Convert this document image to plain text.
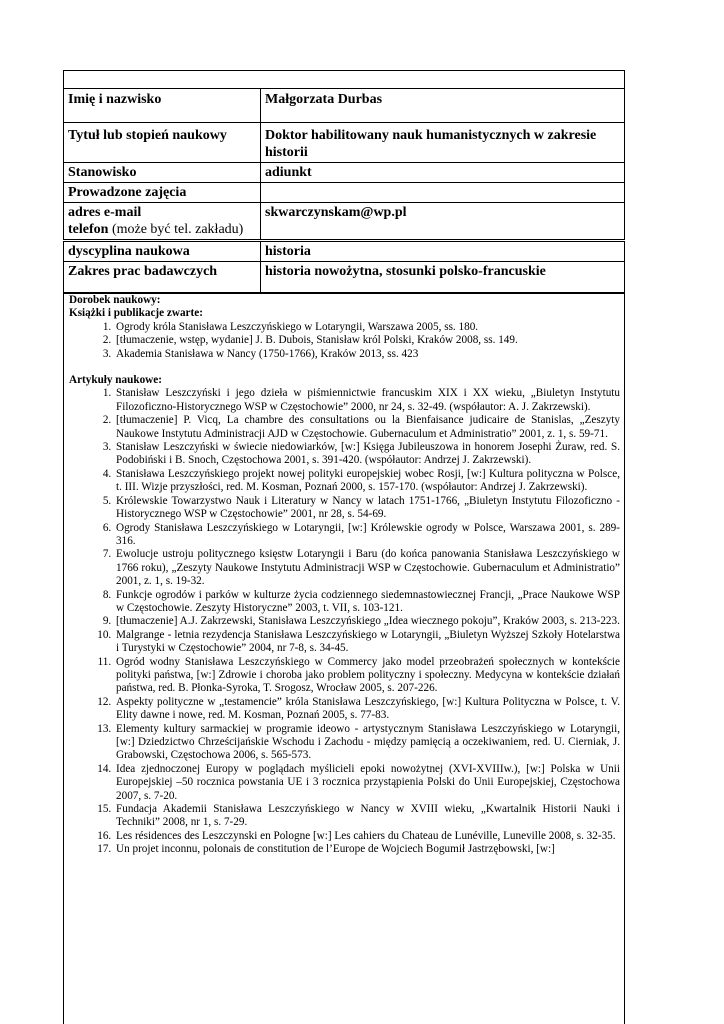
Imię i nazwisko	Małgorzata Durbas
Tytuł lub stopień naukowy	Doktor habilitowany nauk humanistycznych w zakresie historii
Stanowisko	adiunkt
Prowadzone zajęcia	

adres e-mail
telefon (może być tel. zakładu)	skwarczynskam@wp.pl
dyscyplina naukowa	historia
Zakres prac badawczych	historia nowożytna, stosunki polsko-francuskie
Dorobek naukowy:
Książki i publikacje zwarte:
1. Ogrody króla Stanisława Leszczyńskiego w Lotaryngii, Warszawa 2005, ss. 180.
2. [tłumaczenie, wstęp, wydanie] J. B. Dubois, Stanisław król Polski, Kraków 2008, ss. 149.
3. Akademia Stanisława w Nancy (1750-1766), Kraków 2013, ss. 423
Artykuły naukowe:
1. Stanisław Leszczyński i jego dzieła w piśmiennictwie francuskim XIX i XX wieku, „Biuletyn Instytutu Filozoficzno-Historycznego WSP w Częstochowie” 2000, nr 24, s. 32-49. (współautor: A. J. Zakrzewski).
2. [tłumaczenie] P. Vicq, La chambre des consultations ou la Bienfaisance judicaire de Stanislas, „Zeszyty Naukowe Instytutu Administracji AJD w Częstochowie. Gubernaculum et Administratio” 2001, z. 1, s. 59-71.
3. Stanisław Leszczyński w świecie niedowiarków, [w:] Księga Jubileuszowa in honorem Josephi Żuraw, red. S. Podobiński i B. Snoch, Częstochowa 2001, s. 391-420. (współautor: Andrzej J. Zakrzewski).
4. Stanisława Leszczyńskiego projekt nowej polityki europejskiej wobec Rosji, [w:] Kultura polityczna w Polsce, t. III. Wizje przyszłości, red. M. Kosman, Poznań 2000, s. 157-170. (współautor: Andrzej J. Zakrzewski).
5. Królewskie Towarzystwo Nauk i Literatury w Nancy w latach 1751-1766, „Biuletyn Instytutu Filozoficzno -Historycznego WSP w Częstochowie” 2001, nr 28, s. 54-69.
6. Ogrody Stanisława Leszczyńskiego w Lotaryngii, [w:] Królewskie ogrody w Polsce, Warszawa 2001, s. 289-316.
7. Ewolucje ustroju politycznego księstw Lotaryngii i Baru (do końca panowania Stanisława Leszczyńskiego w 1766 roku), „Zeszyty Naukowe Instytutu Administracji WSP w Częstochowie. Gubernaculum et Administratio” 2001, z. 1, s. 19-32.
8. Funkcje ogrodów i parków w kulturze życia codziennego siedemnastowiecznej Francji, „Prace Naukowe WSP w Częstochowie. Zeszyty Historyczne” 2003, t. VII, s. 103-121.
9. [tłumaczenie] A.J. Zakrzewski, Stanisława Leszczyńskiego „Idea wiecznego pokoju”, Kraków 2003, s. 213-223.
10. Malgrange - letnia rezydencja Stanisława Leszczyńskiego w Lotaryngii, „Biuletyn Wyższej Szkoły Hotelarstwa i Turystyki w Częstochowie” 2004, nr 7-8, s. 34-45.
11. Ogród wodny Stanisława Leszczyńskiego w Commercy jako model przeobrażeń społecznych w kontekście polityki państwa, [w:] Zdrowie i choroba jako problem polityczny i społeczny. Medycyna w kontekście działań państwa, red. B. Płonka-Syroka, T. Srogosz, Wrocław 2005, s. 207-226.
12. Aspekty polityczne w „testamencie” króla Stanisława Leszczyńskiego, [w:] Kultura Polityczna w Polsce, t. V. Elity dawne i nowe, red. M. Kosman, Poznań 2005, s. 77-83.
13. Elementy kultury sarmackiej w programie ideowo - artystycznym Stanisława Leszczyńskiego w Lotaryngii, [w:] Dziedzictwo Chrześcijańskie Wschodu i Zachodu - między pamięcią a oczekiwaniem, red. U. Cierniak, J. Grabowski, Częstochowa 2006, s. 565-573.
14. Idea zjednoczonej Europy w poglądach myślicieli epoki nowożytnej (XVI-XVIIIw.), [w:] Polska w Unii Europejskiej –50 rocznica powstania UE i 3 rocznica przystąpienia Polski do Unii Europejskiej, Częstochowa 2007, s. 7-20.
15. Fundacja Akademii Stanisława Leszczyńskiego w Nancy w XVIII wieku, „Kwartalnik Historii Nauki i Techniki” 2008, nr 1, s. 7-29.
16. Les résidences des Leszczynski en Pologne [w:] Les cahiers du Chateau de Lunéville, Luneville 2008, s. 32-35.
17. Un projet inconnu, polonais de constitution de l’Europe de Wojciech Bogumił Jastrzębowski, [w:]
